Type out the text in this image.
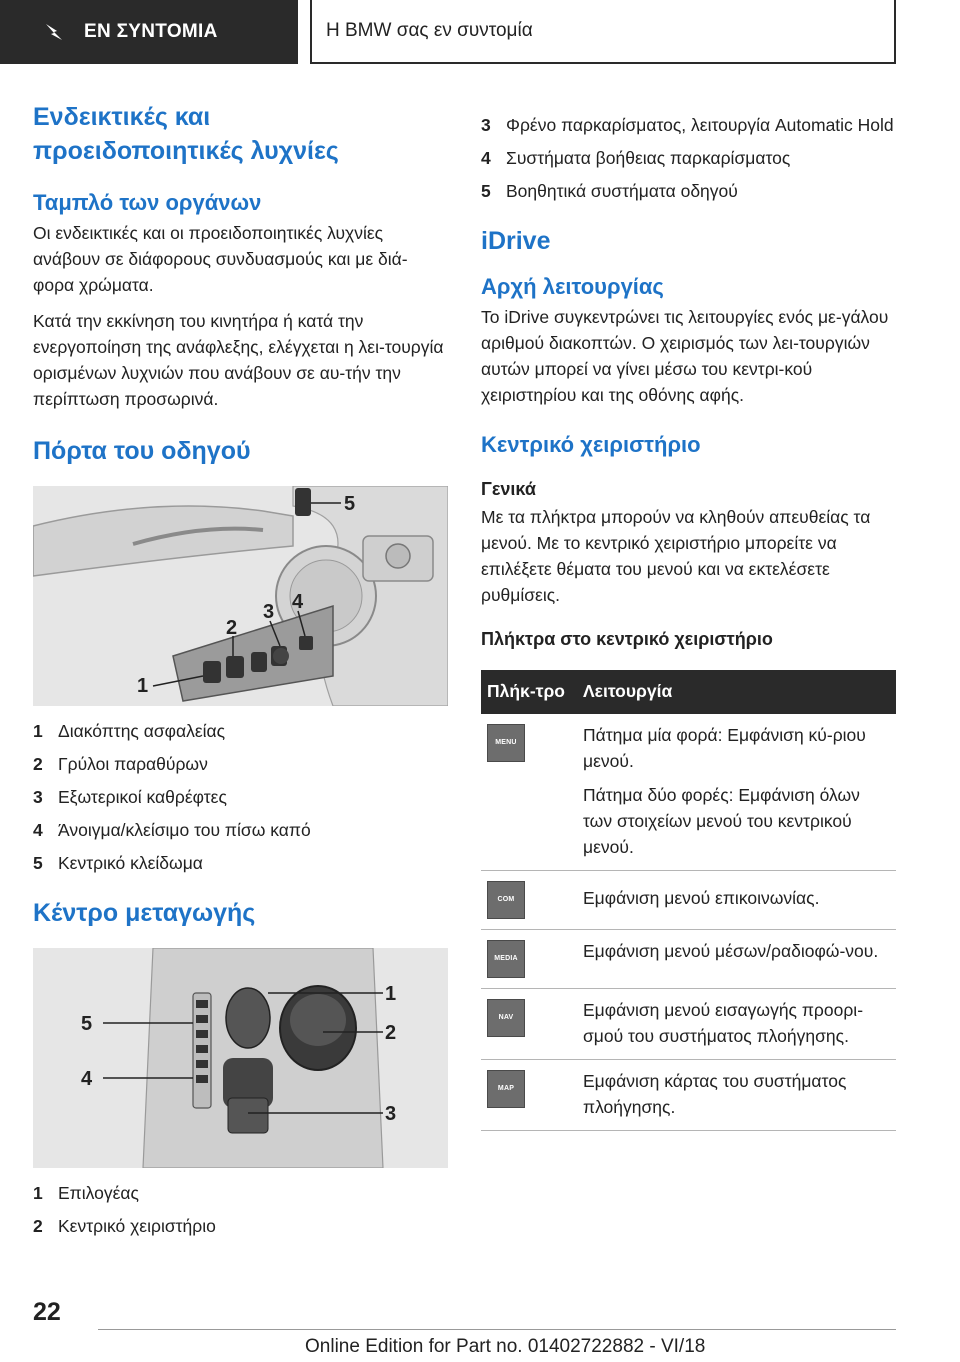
ΕΝ ΣΥΝΤΟΜΙΑ	Η BMW σας εν συντομία
Ενδεικτικές και προειδοποιητικές λυχνίες
Ταμπλό των οργάνων

Οι ενδεικτικές και οι προειδοποιητικές λυχνίες ανάβουν σε διάφορους συνδυασμούς και με διά-φορα χρώματα.

Κατά την εκκίνηση του κινητήρα ή κατά την ενεργοποίηση της ανάφλεξης, ελέγχεται η λει-τουργία ορισμένων λυχνιών που ανάβουν σε αυ-τήν την περίπτωση προσωρινά.

Πόρτα του οδηγού
1
2
3 4
5
1 Διακόπτης ασφαλείας
2 Γρύλοι παραθύρων
3 Εξωτερικοί καθρέφτες
4 Άνοιγμα/κλείσιμο του πίσω καπό
5 Κεντρικό κλείδωμα
Κέντρο μεταγωγής
1
2
3
4
5
1 Επιλογέας
2 Κεντρικό χειριστήριο
3 Φρένο παρκαρίσματος, λειτουργία Automatic Hold
4 Συστήματα βοήθειας παρκαρίσματος
5 Βοηθητικά συστήματα οδηγού
iDrive
Αρχή λειτουργίας

Το iDrive συγκεντρώνει τις λειτουργίες ενός με-γάλου αριθμού διακοπτών. Ο χειρισμός των λει-τουργιών αυτών μπορεί να γίνει μέσω του κεντρι-κού χειριστηρίου και της οθόνης αφής.

Κεντρικό χειριστήριο
Γενικά

Με τα πλήκτρα μπορούν να κληθούν απευθείας τα μενού. Με το κεντρικό χειριστήριο μπορείτε να επιλέξετε θέματα του μενού και να εκτελέσετε ρυθμίσεις.

Πλήκτρα στο κεντρικό χειριστήριο
Πλήκ-τρο	Λειτουργία

MENU	Πάτημα μία φορά: Εμφάνιση κύ-ριου μενού.

Πάτημα δύο φορές: Εμφάνιση όλων των στοιχείων μενού του κεντρικού μενού.

COM	Εμφάνιση μενού επικοινωνίας.

MEDIA	Εμφάνιση μενού μέσων/ραδιοφώ-νου.

NAV	Εμφάνιση μενού εισαγωγής προορι-σμού του συστήματος πλοήγησης.

MAP	Εμφάνιση κάρτας του συστήματος πλοήγησης.

22
Online Edition for Part no. 01402722882 - VI/18
